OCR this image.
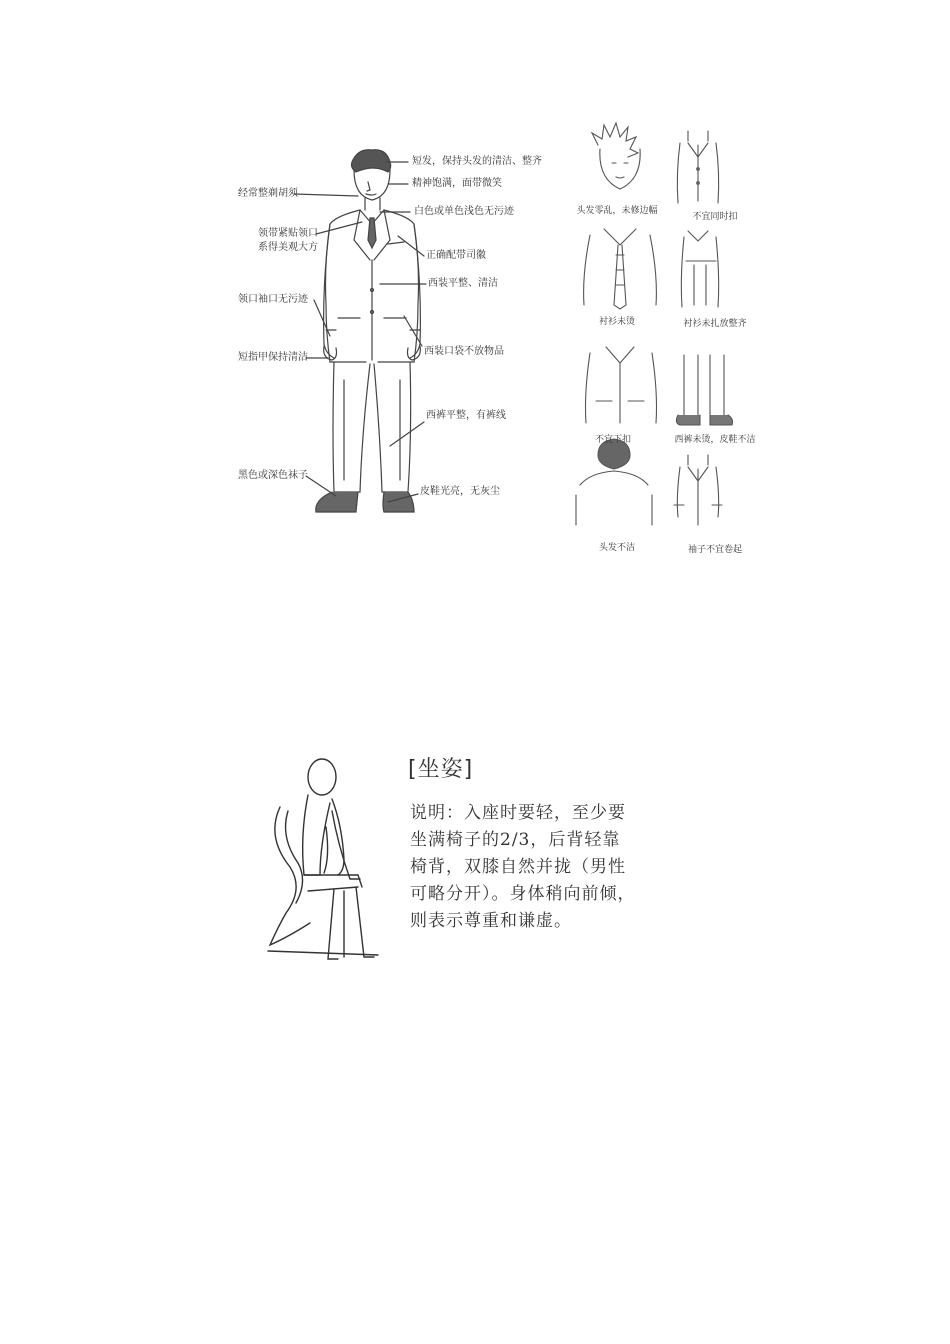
短发，保持头发的清洁、整齐
精神饱满，面带微笑
白色或单色浅色无污迹
正确配带司徽
西装平整、清洁
西装口袋不放物品
西裤平整，有裤线
皮鞋光亮，无灰尘
经常整剃胡须
领带紧贴领口
系得美观大方
领口袖口无污迹
短指甲保持清洁
黑色或深色袜子
头发零乱，未修边幅
不宜同时扣
衬衫未烫	衬衫未扎放整齐
不宜下扣	西裤未烫，皮鞋不洁
头发不洁	袖子不宜卷起
[坐姿]
说明：入座时要轻，至少要
坐满椅子的2/3，后背轻靠
椅背，双膝自然并拢（男性
可略分开）。身体稍向前倾，
则表示尊重和谦虚。
